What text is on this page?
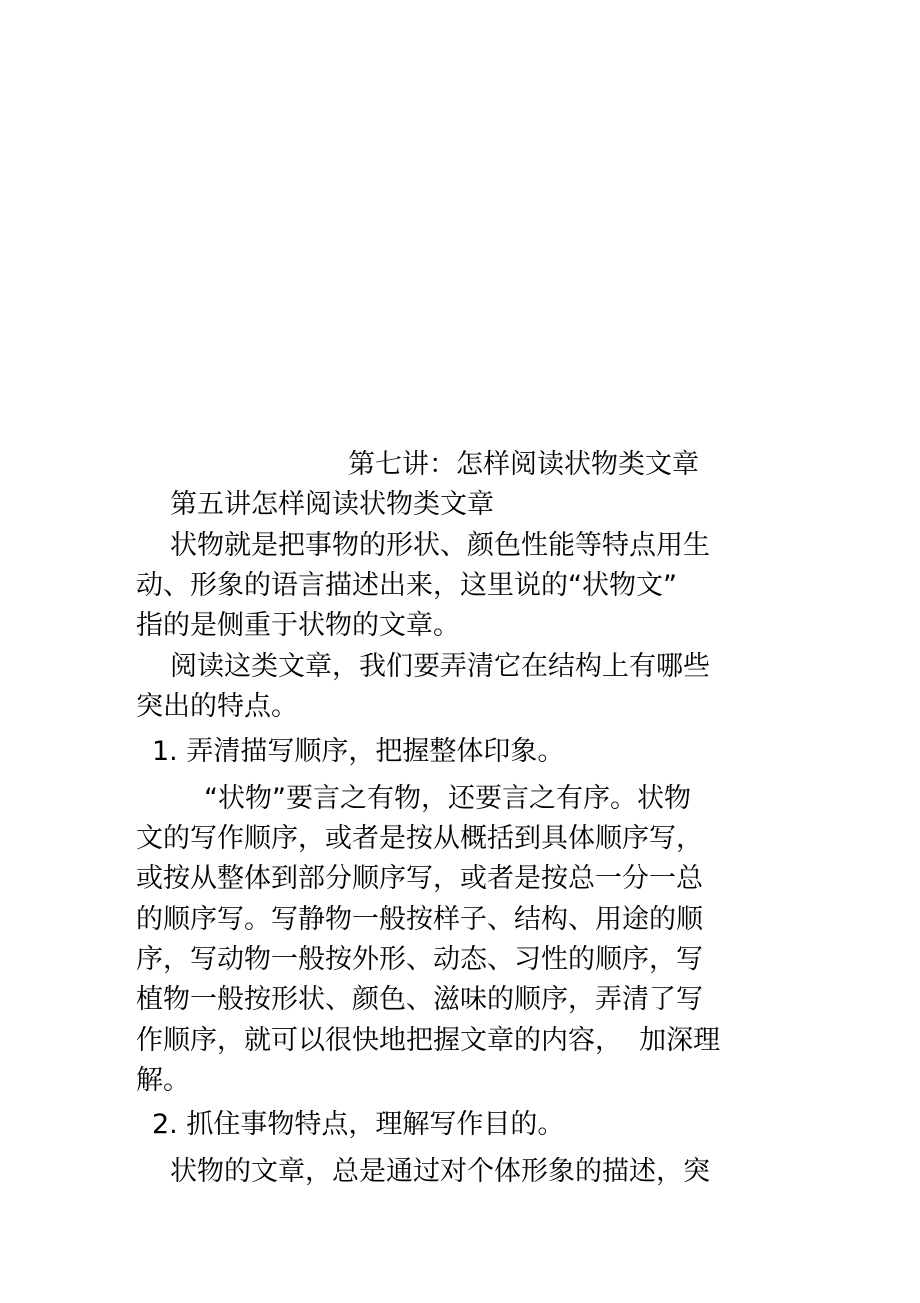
第七讲：怎样阅读状物类文章
第五讲怎样阅读状物类文章
状物就是把事物的形状、颜色性能等特点用生
动、形象的语言描述出来，这里说的“状物文”
指的是侧重于状物的文章。
阅读这类文章，我们要弄清它在结构上有哪些
突出的特点。
1. 弄清描写顺序，把握整体印象。
“状物”要言之有物，还要言之有序。状物
文的写作顺序，或者是按从概括到具体顺序写，
或按从整体到部分顺序写，或者是按总一分一总
的顺序写。写静物一般按样子、结构、用途的顺
序，写动物一般按外形、动态、习性的顺序，写
植物一般按形状、颜色、滋味的顺序，弄清了写
作顺序，就可以很快地把握文章的内容，  加深理
解。
2. 抓住事物特点，理解写作目的。
状物的文章，总是通过对个体形象的描述，突
